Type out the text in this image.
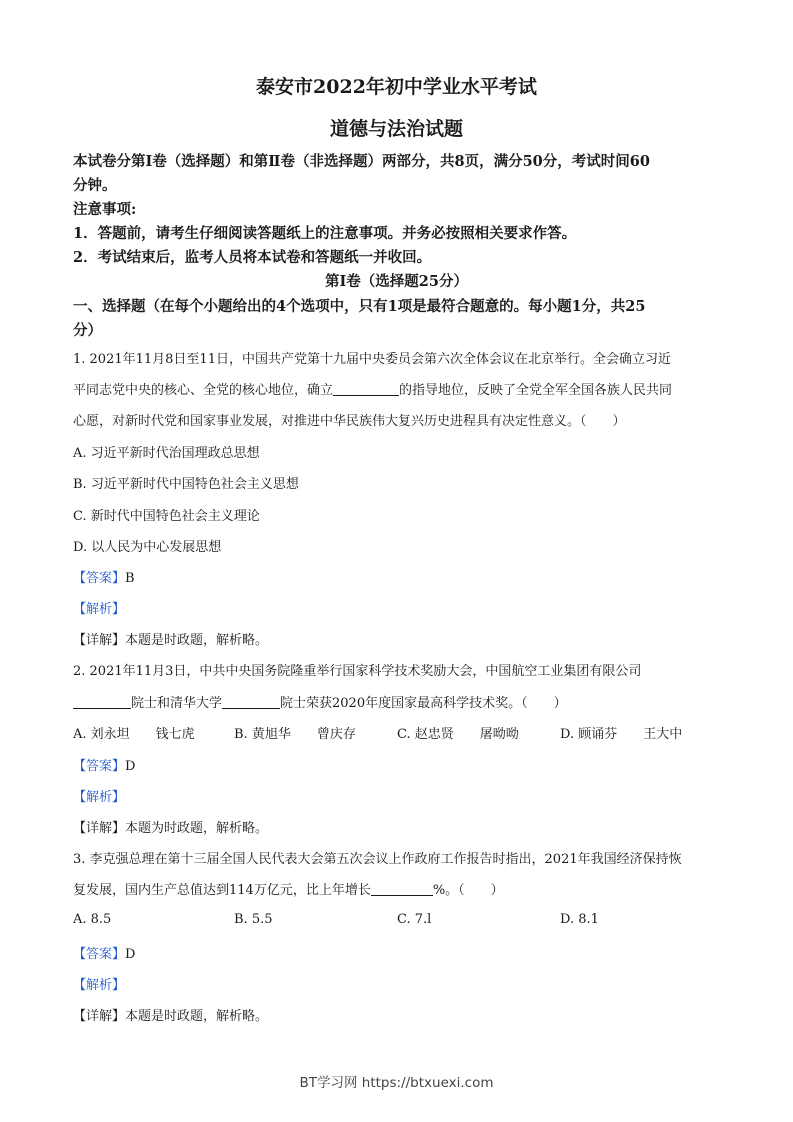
泰安市2022年初中学业水平考试
道德与法治试题
本试卷分第Ⅰ卷（选择题）和第Ⅱ卷（非选择题）两部分，共8页，满分50分，考试时间60
分钟。
注意事项:
1．答题前，请考生仔细阅读答题纸上的注意事项。并务必按照相关要求作答。
2．考试结束后，监考人员将本试卷和答题纸一并收回。
第Ⅰ卷（选择题25分）
一、选择题（在每个小题给出的4个选项中，只有1项是最符合题意的。每小题1分，共25
分）
1. 2021年11月8日至11日，中国共产党第十九届中央委员会第六次全体会议在北京举行。全会确立习近
平同志党中央的核心、全党的核心地位，确立	的指导地位，反映了全党全军全国各族人民共同
心愿，对新时代党和国家事业发展，对推进中华民族伟大复兴历史进程具有决定性意义。（　　）
A. 习近平新时代治国理政总思想
B. 习近平新时代中国特色社会主义思想
C. 新时代中国特色社会主义理论
D. 以人民为中心发展思想
【答案】B
【解析】
【详解】本题是时政题，解析略。
2. 2021年11月3日，中共中央国务院隆重举行国家科学技术奖励大会，中国航空工业集团有限公司
院士和清华大学	院士荣获2020年度国家最高科学技术奖。（　　）
A. 刘永坦 钱七虎	B. 黄旭华 曾庆存	C. 赵忠贤 屠呦呦	D. 顾诵芬 王大中
【答案】D
【解析】
【详解】本题为时政题，解析略。
3. 李克强总理在第十三届全国人民代表大会第五次会议上作政府工作报告时指出，2021年我国经济保持恢
复发展，国内生产总值达到114万亿元，比上年增长	%。（　　）
A. 8.5	B. 5.5	C. 7.l	D. 8.1
【答案】D
【解析】
【详解】本题是时政题，解析略。
BT学习网 https://btxuexi.com
